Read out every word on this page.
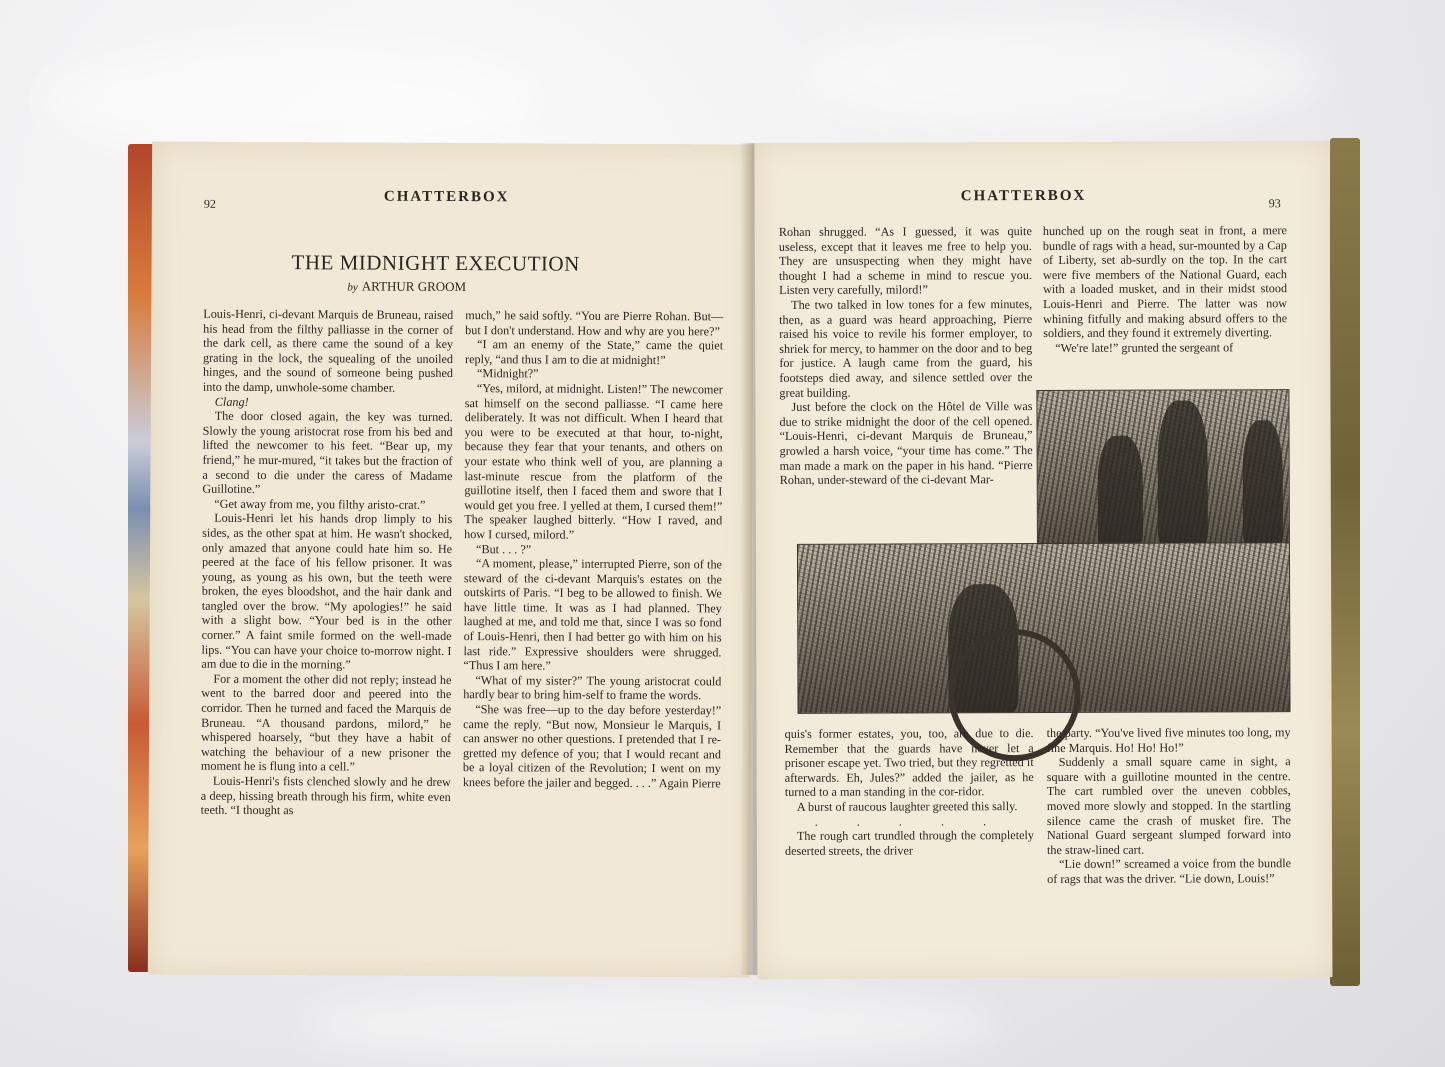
92	CHATTERBOX
THE MIDNIGHT EXECUTION
by ARTHUR GROOM

Louis-Henri, ci-devant Marquis de Bruneau, raised his head from the filthy palliasse in the corner of the dark cell, as there came the sound of a key grating in the lock, the squealing of the unoiled hinges, and the sound of someone being pushed into the damp, unwhole-some chamber.

Clang!

The door closed again, the key was turned. Slowly the young aristocrat rose from his bed and lifted the newcomer to his feet. “Bear up, my friend,” he mur-mured, “it takes but the fraction of a second to die under the caress of Madame Guillotine.”

“Get away from me, you filthy aristo-crat.”

Louis-Henri let his hands drop limply to his sides, as the other spat at him. He wasn't shocked, only amazed that anyone could hate him so. He peered at the face of his fellow prisoner. It was young, as young as his own, but the teeth were broken, the eyes bloodshot, and the hair dank and tangled over the brow. “My apologies!” he said with a slight bow. “Your bed is in the other corner.” A faint smile formed on the well-made lips. “You can have your choice to-morrow night. I am due to die in the morning.”

For a moment the other did not reply; instead he went to the barred door and peered into the corridor. Then he turned and faced the Marquis de Bruneau. “A thousand pardons, milord,” he whispered hoarsely, “but they have a habit of watching the behaviour of a new prisoner the moment he is flung into a cell.”

Louis-Henri's fists clenched slowly and he drew a deep, hissing breath through his firm, white even teeth. “I thought as

much,” he said softly. “You are Pierre Rohan. But—but I don't understand. How and why are you here?”

“I am an enemy of the State,” came the quiet reply, “and thus I am to die at midnight!”

“Midnight?”

“Yes, milord, at midnight. Listen!” The newcomer sat himself on the second palliasse. “I came here deliberately. It was not difficult. When I heard that you were to be executed at that hour, to-night, because they fear that your tenants, and others on your estate who think well of you, are planning a last-minute rescue from the platform of the guillotine itself, then I faced them and swore that I would get you free. I yelled at them, I cursed them!” The speaker laughed bitterly. “How I raved, and how I cursed, milord.”

“But . . . ?”

“A moment, please,” interrupted Pierre, son of the steward of the ci-devant Marquis's estates on the outskirts of Paris. “I beg to be allowed to finish. We have little time. It was as I had planned. They laughed at me, and told me that, since I was so fond of Louis-Henri, then I had better go with him on his last ride.” Expressive shoulders were shrugged. “Thus I am here.”

“What of my sister?” The young aristocrat could hardly bear to bring him-self to frame the words.

“She was free—up to the day before yesterday!” came the reply. “But now, Monsieur le Marquis, I can answer no other questions. I pretended that I re-gretted my defence of you; that I would recant and be a loyal citizen of the Revolution; I went on my knees before the jailer and begged. . . .” Again Pierre

CHATTERBOX	93

Rohan shrugged. “As I guessed, it was quite useless, except that it leaves me free to help you. They are unsuspecting when they might have thought I had a scheme in mind to rescue you. Listen very carefully, milord!”

The two talked in low tones for a few minutes, then, as a guard was heard approaching, Pierre raised his voice to revile his former employer, to shriek for mercy, to hammer on the door and to beg for justice. A laugh came from the guard, his footsteps died away, and silence settled over the great building.

Just before the clock on the Hôtel de Ville was due to strike midnight the door of the cell opened. “Louis-Henri, ci-devant Marquis de Bruneau,” growled a harsh voice, “your time has come.” The man made a mark on the paper in his hand. “Pierre Rohan, under-steward of the ci-devant Mar-

hunched up on the rough seat in front, a mere bundle of rags with a head, sur-mounted by a Cap of Liberty, set ab-surdly on the top. In the cart were five members of the National Guard, each with a loaded musket, and in their midst stood Louis-Henri and Pierre. The latter was now whining fitfully and making absurd offers to the soldiers, and they found it extremely diverting.

“We're late!” grunted the sergeant of

quis's former estates, you, too, are due to die. Remember that the guards have never let a prisoner escape yet. Two tried, but they regretted it afterwards. Eh, Jules?” added the jailer, as he turned to a man standing in the cor-ridor.

A burst of raucous laughter greeted this sally.

. . . . .

The rough cart trundled through the completely deserted streets, the driver

the party. “You've lived five minutes too long, my fine Marquis. Ho! Ho! Ho!”

Suddenly a small square came in sight, a square with a guillotine mounted in the centre. The cart rumbled over the uneven cobbles, moved more slowly and stopped. In the startling silence came the crash of musket fire. The National Guard sergeant slumped forward into the straw-lined cart.

“Lie down!” screamed a voice from the bundle of rags that was the driver. “Lie down, Louis!”
